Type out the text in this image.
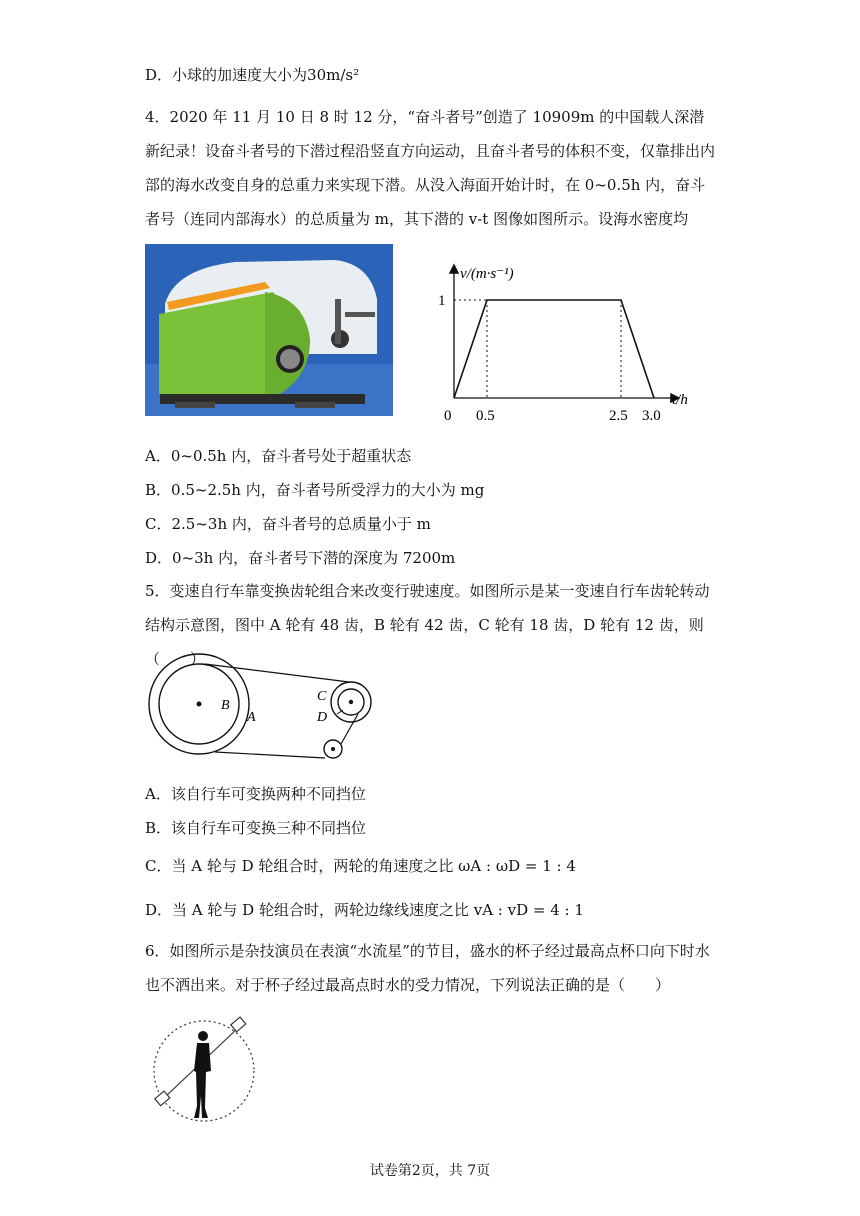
D．小球的加速度大小为30m/s²
4．2020 年 11 月 10 日 8 时 12 分，“奋斗者号”创造了 10909m 的中国载人深潜新纪录！设奋斗者号的下潜过程沿竖直方向运动，且奋斗者号的体积不变，仅靠排出内部的海水改变自身的总重力来实现下潜。从没入海面开始计时，在 0~0.5h 内，奋斗者号（连同内部海水）的总质量为 m，其下潜的 v-t 图像如图所示。设海水密度均　　
v/(m·s⁻¹)
t/h
1
0 0.5	2.5 3.0
A．0~0.5h 内，奋斗者号处于超重状态
B．0.5~2.5h 内，奋斗者号所受浮力的大小为 mg
C．2.5~3h 内，奋斗者号的总质量小于 m
D．0~3h 内，奋斗者号下潜的深度为 7200m
5．变速自行车靠变换齿轮组合来改变行驶速度。如图所示是某一变速自行车齿轮转动结构示意图，图中 A 轮有 48 齿，B 轮有 42 齿，C 轮有 18 齿，D 轮有 12 齿，则（　　）
B
A
C
D
A．该自行车可变换两种不同挡位
B．该自行车可变换三种不同挡位
C．当 A 轮与 D 轮组合时，两轮的角速度之比 ωA : ωD = 1 : 4
D．当 A 轮与 D 轮组合时，两轮边缘线速度之比 vA : vD = 4 : 1
6．如图所示是杂技演员在表演“水流星”的节目，盛水的杯子经过最高点杯口向下时水也不洒出来。对于杯子经过最高点时水的受力情况，下列说法正确的是（　　）
试卷第2页，共 7页
